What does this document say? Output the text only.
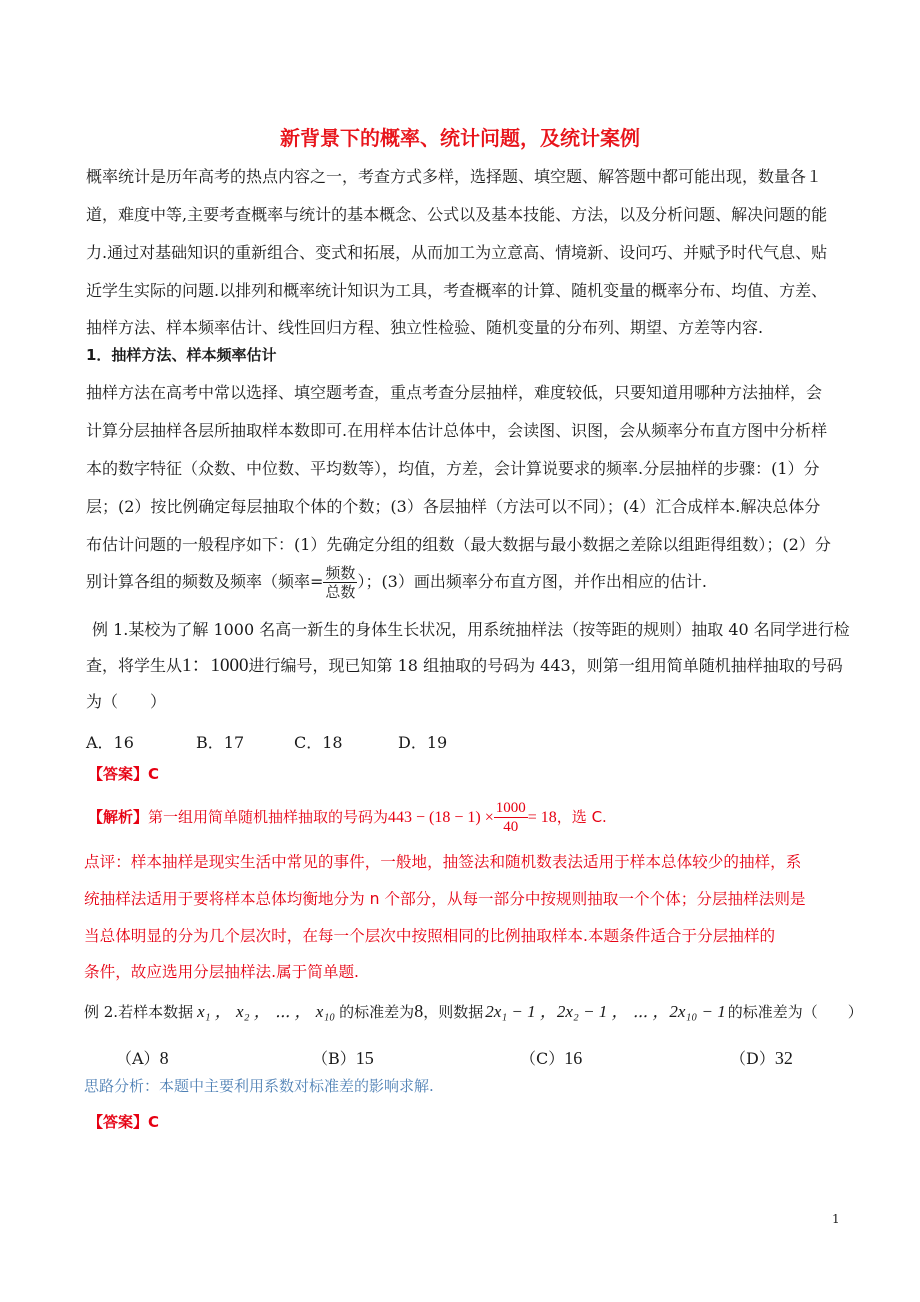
新背景下的概率、统计问题，及统计案例
概率统计是历年高考的热点内容之一，考查方式多样，选择题、填空题、解答题中都可能出现，数量各１
道，难度中等,主要考查概率与统计的基本概念、公式以及基本技能、方法，以及分析问题、解决问题的能
力.通过对基础知识的重新组合、变式和拓展，从而加工为立意高、情境新、设问巧、并赋予时代气息、贴
近学生实际的问题.以排列和概率统计知识为工具，考查概率的计算、随机变量的概率分布、均值、方差、
抽样方法、样本频率估计、线性回归方程、独立性检验、随机变量的分布列、期望、方差等内容.
1．抽样方法、样本频率估计
抽样方法在高考中常以选择、填空题考查，重点考查分层抽样，难度较低，只要知道用哪种方法抽样，会
计算分层抽样各层所抽取样本数即可.在用样本估计总体中，会读图、识图，会从频率分布直方图中分析样
本的数字特征（众数、中位数、平均数等），均值，方差，会计算说要求的频率.分层抽样的步骤：(1）分
层；(2）按比例确定每层抽取个体的个数；(3）各层抽样（方法可以不同）；(4）汇合成样本.解决总体分
布估计问题的一般程序如下：(1）先确定分组的组数（最大数据与最小数据之差除以组距得组数）；(2）分
别计算各组的频数及频率（频率= $\frac{\text{频数}}{\text{总数}}$ ）；(3）画出频率分布直方图，并作出相应的估计.
例 1.某校为了解 1000 名高一新生的身体生长状况，用系统抽样法（按等距的规则）抽取 40 名同学进行检
查，将学生从1：1000进行编号，现已知第 18 组抽取的号码为 443，则第一组用简单随机抽样抽取的号码
为（　　）
A．16	B．17	C．18	D．19
【答案】C
【解析】第一组用简单随机抽样抽取的号码为$443 - (18 - 1) \times \frac{1000}{40} = 18$，选 C.
点评：样本抽样是现实生活中常见的事件，一般地，抽签法和随机数表法适用于样本总体较少的抽样，系
统抽样法适用于要将样本总体均衡地分为 n 个部分，从每一部分中按规则抽取一个个体；分层抽样法则是
当总体明显的分为几个层次时，在每一个层次中按照相同的比例抽取样本.本题条件适合于分层抽样的
条件，故应选用分层抽样法.属于简单题.
例 2.若样本数据 x₁ ， x₂ ， ⋯ ， x₁₀ 的标准差为8，则数据 2x₁ − 1 ，2x₂ − 1 ， ⋯ ，2x₁₀ − 1 的标准差为（　　）
（A）8	（B）15	（C）16	（D）32
思路分析：本题中主要利用系数对标准差的影响求解.
【答案】C
1
